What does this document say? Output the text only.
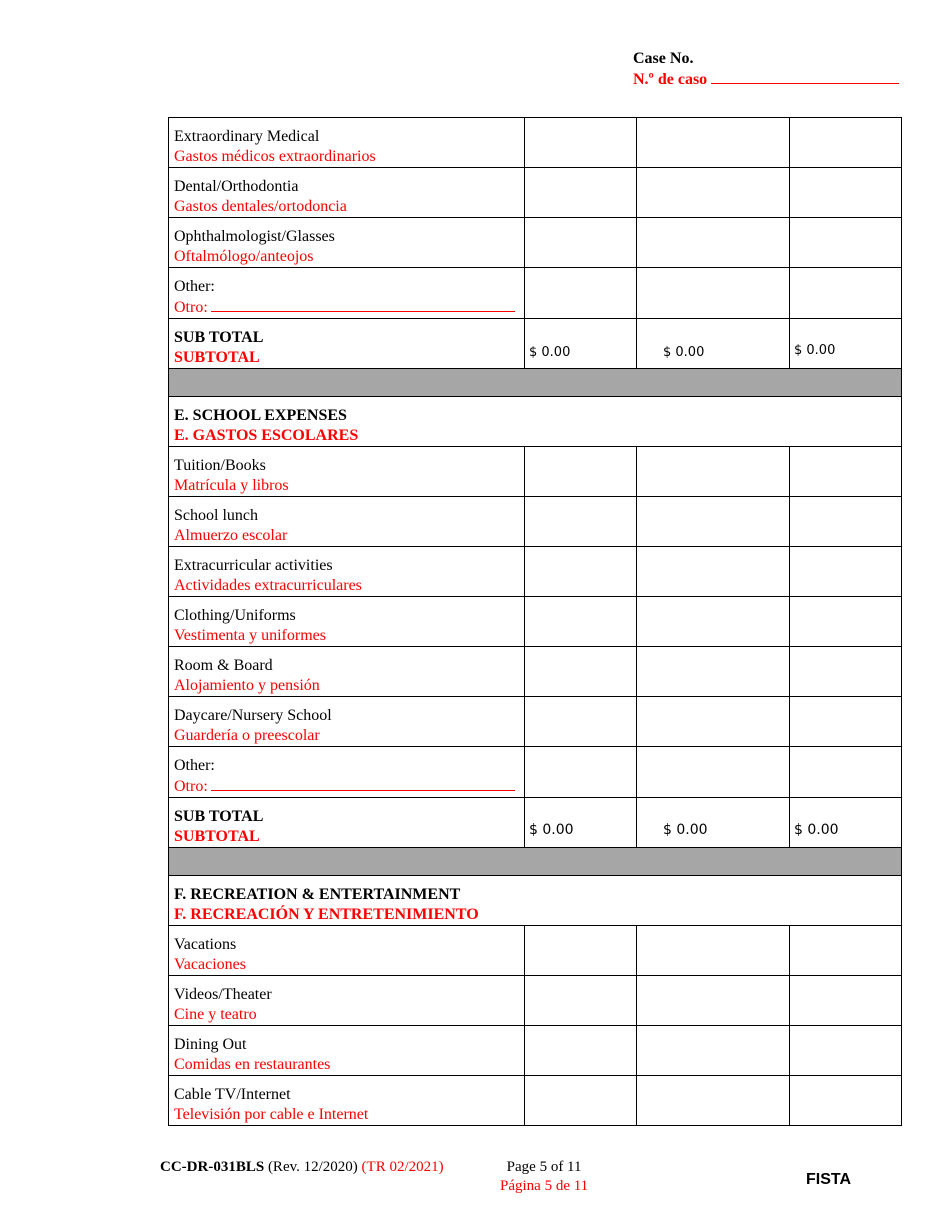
Case No.
N.º de caso
Extraordinary Medical
Gastos médicos extraordinarios			

Dental/Orthodontia
Gastos dentales/ortodoncia			

Ophthalmologist/Glasses
Oftalmólogo/anteojos			

Other:
Otro:			

SUB TOTAL
SUBTOTAL	$ 0.00	$ 0.00	$ 0.00

E. SCHOOL EXPENSES
E. GASTOS ESCOLARES			

Tuition/Books
Matrícula y libros			

School lunch
Almuerzo escolar			

Extracurricular activities
Actividades extracurriculares			

Clothing/Uniforms
Vestimenta y uniformes			

Room & Board
Alojamiento y pensión			

Daycare/Nursery School
Guardería o preescolar			

Other:
Otro:			

SUB TOTAL
SUBTOTAL	$ 0.00	$ 0.00	$ 0.00

F. RECREATION & ENTERTAINMENT
F. RECREACIÓN Y ENTRETENIMIENTO			

Vacations
Vacaciones			

Videos/Theater
Cine y teatro			

Dining Out
Comidas en restaurantes			

Cable TV/Internet
Televisión por cable e Internet			

CC-DR-031BLS (Rev. 12/2020) (TR 02/2021)	Page 5 of 11
Página 5 de 11	FISTA
